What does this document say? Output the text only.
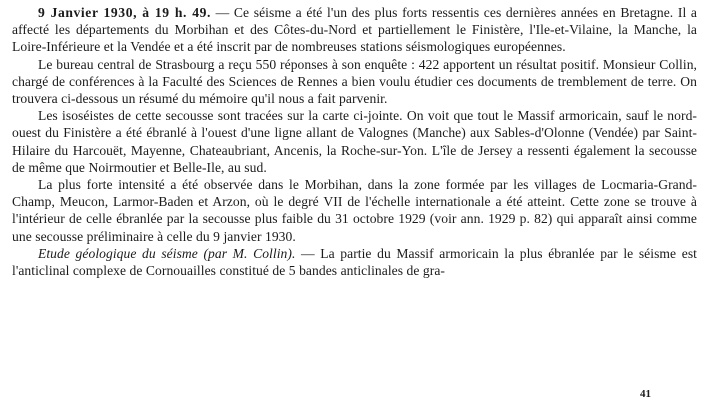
9 Janvier 1930, à 19 h. 49. — Ce séisme a été l'un des plus forts ressentis ces dernières années en Bretagne. Il a affecté les départements du Morbihan et des Côtes-du-Nord et partiellement le Finistère, l'Ile-et-Vilaine, la Manche, la Loire-Inférieure et la Vendée et a été inscrit par de nombreuses stations séismologiques européennes.

Le bureau central de Strasbourg a reçu 550 réponses à son enquête : 422 apportent un résultat positif. Monsieur Collin, chargé de conférences à la Faculté des Sciences de Rennes a bien voulu étudier ces documents de tremblement de terre. On trouvera ci-dessous un résumé du mémoire qu'il nous a fait parvenir.

Les isoséistes de cette secousse sont tracées sur la carte ci-jointe. On voit que tout le Massif armoricain, sauf le nord-ouest du Finistère a été ébranlé à l'ouest d'une ligne allant de Valognes (Manche) aux Sables-d'Olonne (Vendée) par Saint-Hilaire du Harcouët, Mayenne, Chateaubriant, Ancenis, la Roche-sur-Yon. L'île de Jersey a ressenti également la secousse de même que Noirmoutier et Belle-Ile, au sud.

La plus forte intensité a été observée dans le Morbihan, dans la zone formée par les villages de Locmaria-Grand-Champ, Meucon, Larmor-Baden et Arzon, où le degré VII de l'échelle internationale a été atteint. Cette zone se trouve à l'intérieur de celle ébranlée par la secousse plus faible du 31 octobre 1929 (voir ann. 1929 p. 82) qui apparaît ainsi comme une secousse préliminaire à celle du 9 janvier 1930.

Etude géologique du séisme (par M. Collin). — La partie du Massif armoricain la plus ébranlée par le séisme est l'anticlinal complexe de Cornouailles constitué de 5 bandes anticlinales de gra-

41
